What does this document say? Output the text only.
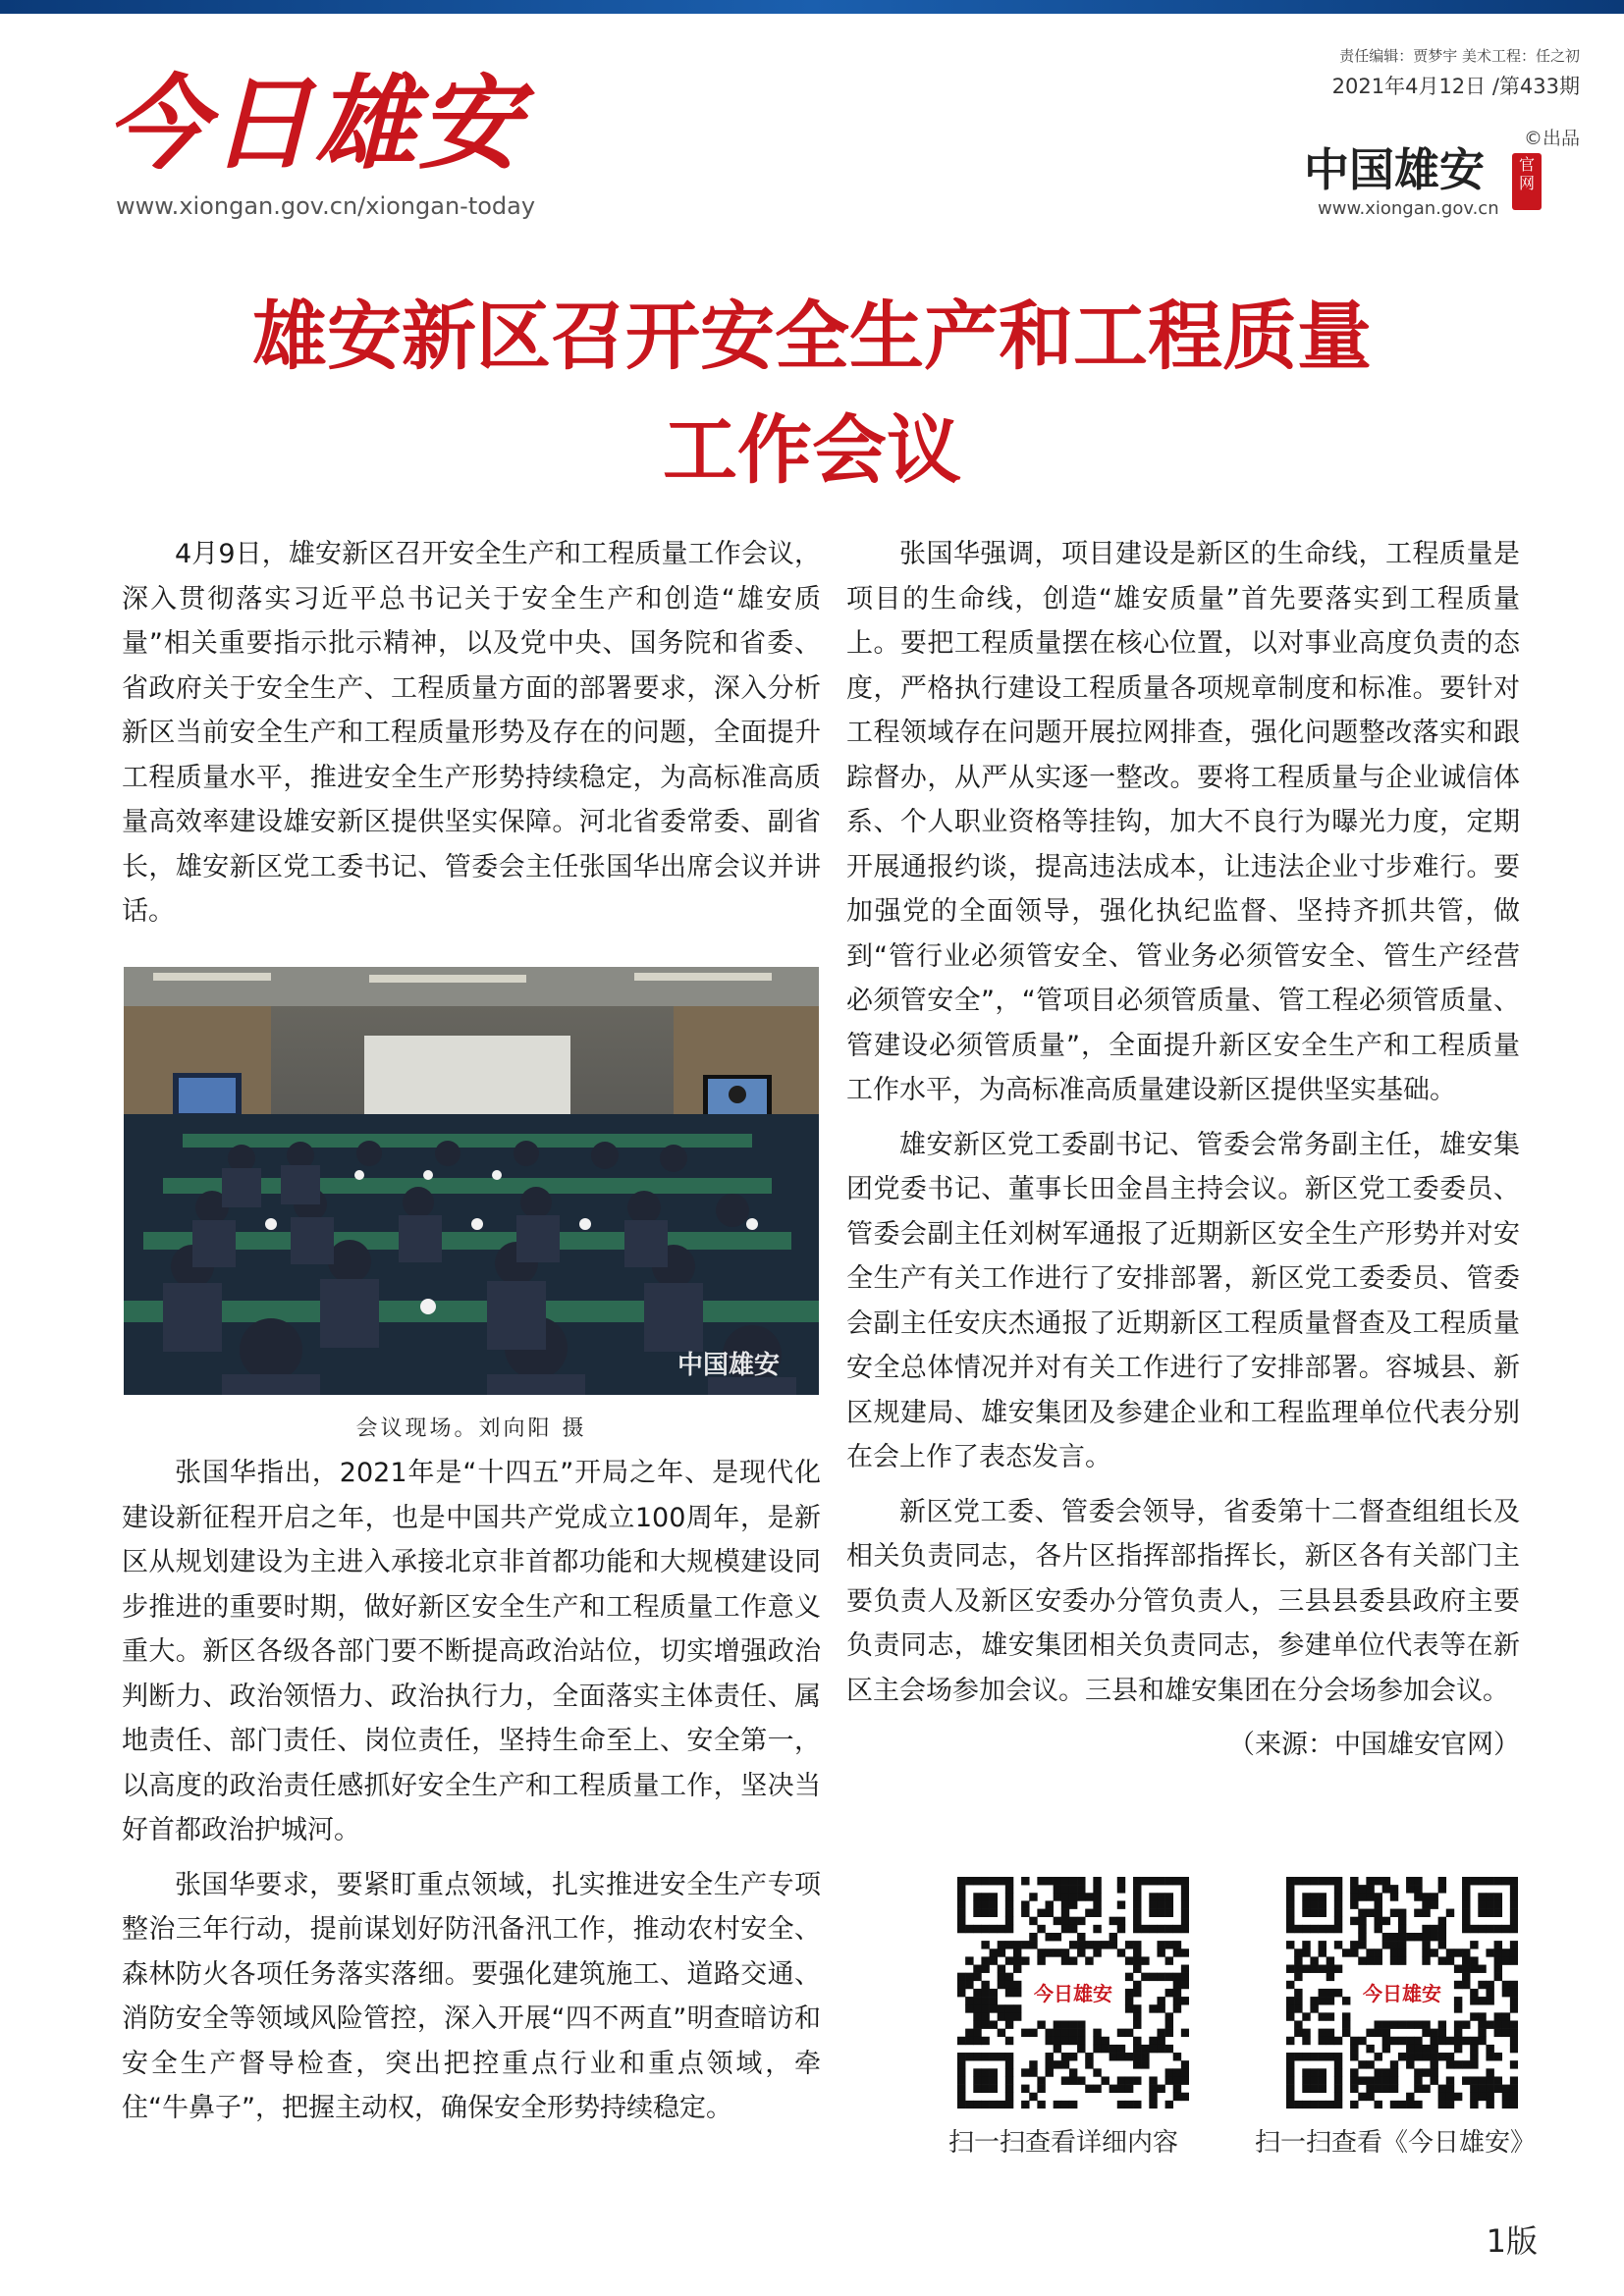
今日雄安
www.xiongan.gov.cn/xiongan-today
责任编辑：贾梦宇 美术工程：任之初
2021年4月12日 /第433期
©出品
中国雄安	官
网
www.xiongan.gov.cn
雄安新区召开安全生产和工程质量
工作会议

4月9日，雄安新区召开安全生产和工程质量工作会议，深入贯彻落实习近平总书记关于安全生产和创造“雄安质量”相关重要指示批示精神，以及党中央、国务院和省委、省政府关于安全生产、工程质量方面的部署要求，深入分析新区当前安全生产和工程质量形势及存在的问题，全面提升工程质量水平，推进安全生产形势持续稳定，为高标准高质量高效率建设雄安新区提供坚实保障。河北省委常委、副省长，雄安新区党工委书记、管委会主任张国华出席会议并讲话。

中国雄安
会议现场。刘向阳 摄

张国华指出，2021年是“十四五”开局之年、是现代化建设新征程开启之年，也是中国共产党成立100周年，是新区从规划建设为主进入承接北京非首都功能和大规模建设同步推进的重要时期，做好新区安全生产和工程质量工作意义重大。新区各级各部门要不断提高政治站位，切实增强政治判断力、政治领悟力、政治执行力，全面落实主体责任、属地责任、部门责任、岗位责任，坚持生命至上、安全第一，以高度的政治责任感抓好安全生产和工程质量工作，坚决当好首都政治护城河。

张国华要求，要紧盯重点领域，扎实推进安全生产专项整治三年行动，提前谋划好防汛备汛工作，推动农村安全、森林防火各项任务落实落细。要强化建筑施工、道路交通、消防安全等领域风险管控，深入开展“四不两直”明查暗访和安全生产督导检查，突出把控重点行业和重点领域，牵住“牛鼻子”，把握主动权，确保安全形势持续稳定。

张国华强调，项目建设是新区的生命线，工程质量是项目的生命线，创造“雄安质量”首先要落实到工程质量上。要把工程质量摆在核心位置，以对事业高度负责的态度，严格执行建设工程质量各项规章制度和标准。要针对工程领域存在问题开展拉网排查，强化问题整改落实和跟踪督办，从严从实逐一整改。要将工程质量与企业诚信体系、个人职业资格等挂钩，加大不良行为曝光力度，定期开展通报约谈，提高违法成本，让违法企业寸步难行。要加强党的全面领导，强化执纪监督、坚持齐抓共管，做到“管行业必须管安全、管业务必须管安全、管生产经营必须管安全”，“管项目必须管质量、管工程必须管质量、管建设必须管质量”，全面提升新区安全生产和工程质量工作水平，为高标准高质量建设新区提供坚实基础。

雄安新区党工委副书记、管委会常务副主任，雄安集团党委书记、董事长田金昌主持会议。新区党工委委员、管委会副主任刘树军通报了近期新区安全生产形势并对安全生产有关工作进行了安排部署，新区党工委委员、管委会副主任安庆杰通报了近期新区工程质量督查及工程质量安全总体情况并对有关工作进行了安排部署。容城县、新区规建局、雄安集团及参建企业和工程监理单位代表分别在会上作了表态发言。

新区党工委、管委会领导，省委第十二督查组组长及相关负责同志，各片区指挥部指挥长，新区各有关部门主要负责人及新区安委办分管负责人，三县县委县政府主要负责同志，雄安集团相关负责同志，参建单位代表等在新区主会场参加会议。三县和雄安集团在分会场参加会议。

（来源：中国雄安官网）
今日雄安	今日雄安
扫一扫查看详细内容	扫一扫查看《今日雄安》
1版
